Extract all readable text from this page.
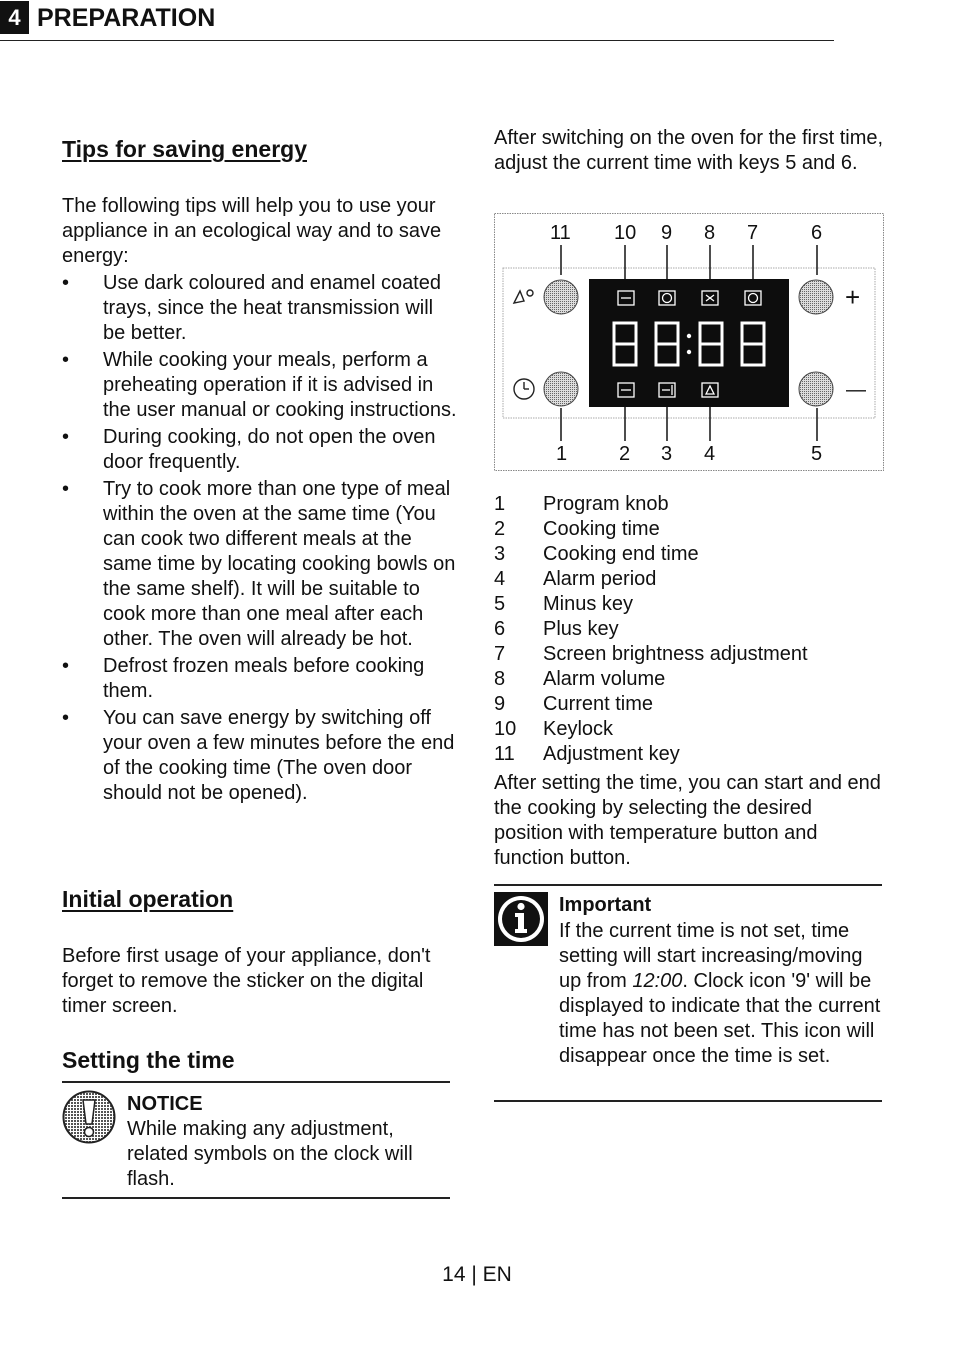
4 PREPARATION
Tips for saving energy
The following tips will help you to use your appliance in an ecological way and to save energy:
• Use dark coloured and enamel coated trays, since the heat transmission will be better.
• While cooking your meals, perform a preheating operation if it is advised in the user manual or cooking instructions.
• During cooking, do not open the oven door frequently.
• Try to cook more than one type of meal within the oven at the same time (You can cook two different meals at the same time by locating cooking bowls on the same shelf). It will be suitable to cook more than one meal after each other. The oven will already be hot.
• Defrost frozen meals before cooking them.
• You can save energy by switching off your oven a few minutes before the end of the cooking time (The oven door should not be opened).
Initial operation
Before first usage of your appliance, don't forget to remove the sticker on the digital timer screen.
Setting the time
NOTICE
While making any adjustment, related symbols on the clock will flash.
After switching on the oven for the first time, adjust the current time with keys 5 and 6.
11 10 9 8 7	6
1	2 3 4	5
+
—
1 Program knob
2 Cooking time
3 Cooking end time
4 Alarm period
5 Minus key
6 Plus key
7 Screen brightness adjustment
8 Alarm volume
9 Current time
10 Keylock
11 Adjustment key
After setting the time, you can start and end the cooking by selecting the desired position with temperature button and function button.
Important
If the current time is not set, time setting will start increasing/moving up from 12:00. Clock icon '9' will be displayed to indicate that the current time has not been set. This icon will disappear once the time is set.
14 | EN
